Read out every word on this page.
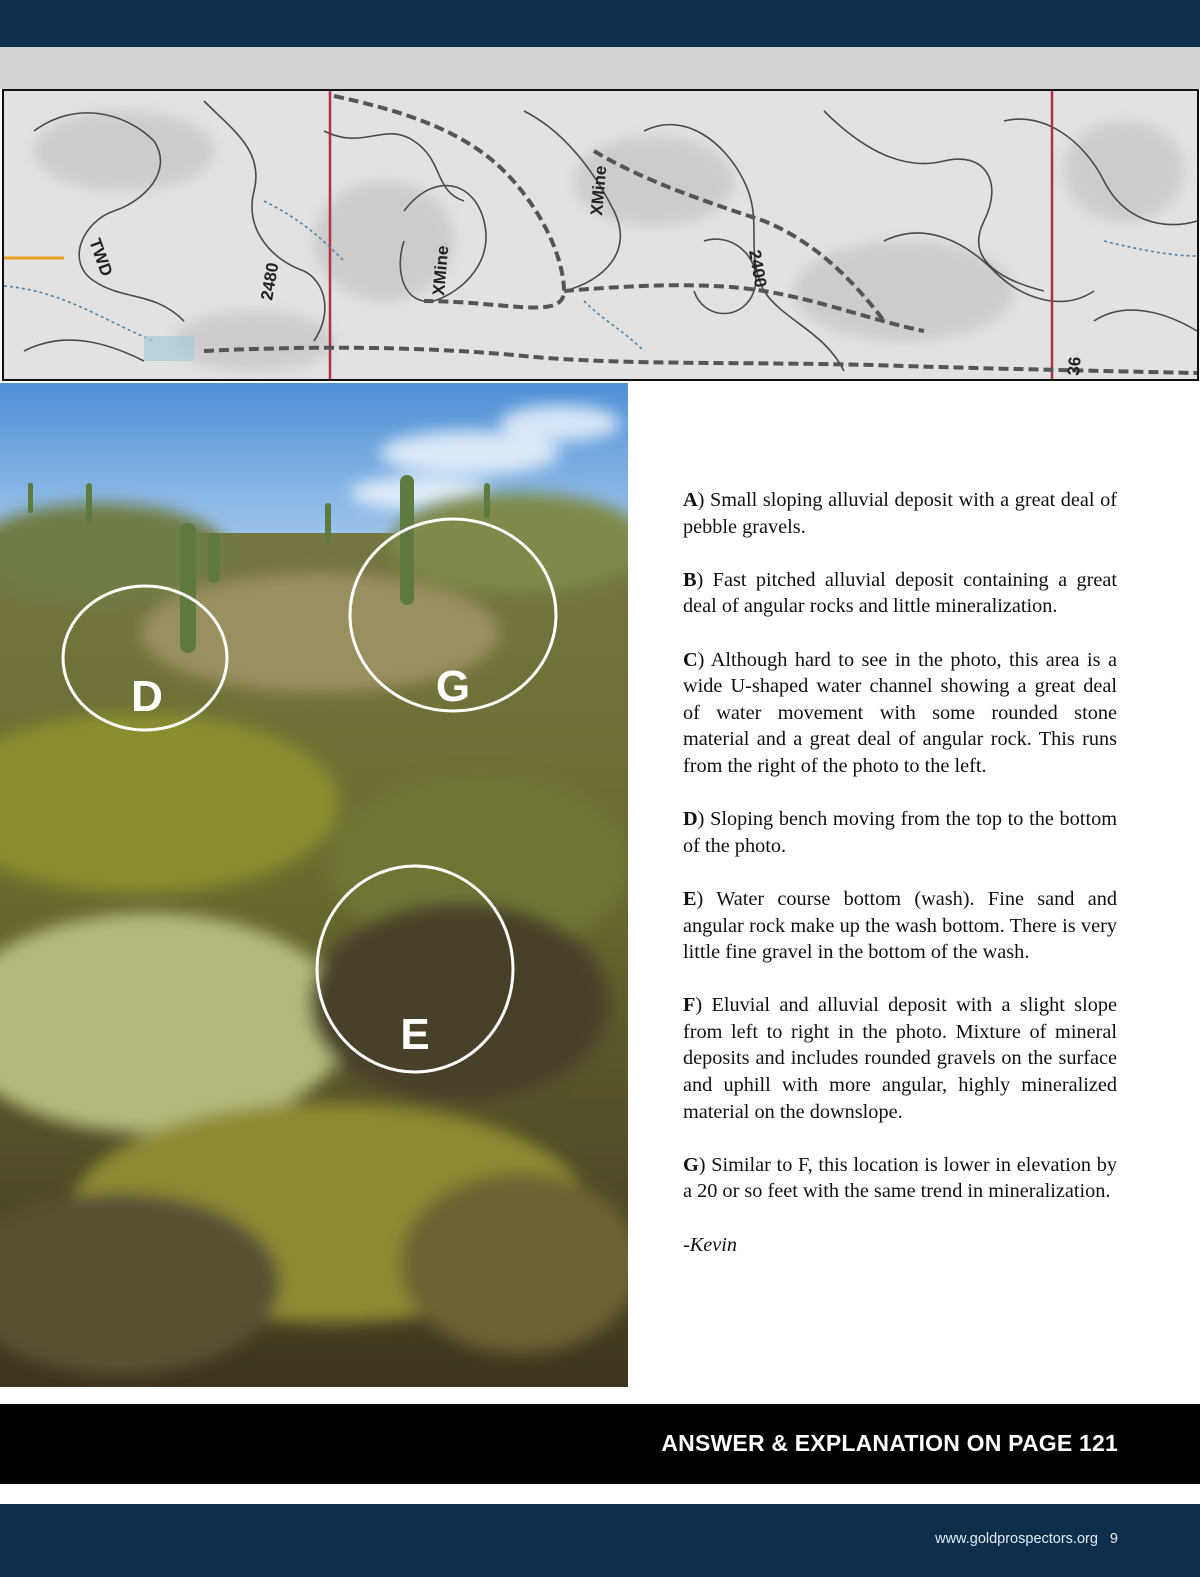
TWD
2480	XMine
XMine
2400
36
D	G
E

A) Small sloping alluvial deposit with a great deal of pebble gravels.

B) Fast pitched alluvial deposit containing a great deal of angular rocks and little mineralization.

C) Although hard to see in the photo, this area is a wide U-shaped water channel showing a great deal of water movement with some rounded stone material and a great deal of angular rock. This runs from the right of the photo to the left.

D) Sloping bench moving from the top to the bottom of the photo.

E) Water course bottom (wash). Fine sand and angular rock make up the wash bottom. There is very little fine gravel in the bottom of the wash.

F) Eluvial and alluvial deposit with a slight slope from left to right in the photo. Mixture of mineral deposits and includes rounded gravels on the surface and uphill with more angular, highly mineralized material on the downslope.

G) Similar to F, this location is lower in elevation by a 20 or so feet with the same trend in mineralization.

-Kevin

ANSWER & EXPLANATION ON PAGE 121
www.goldprospectors.org 9
